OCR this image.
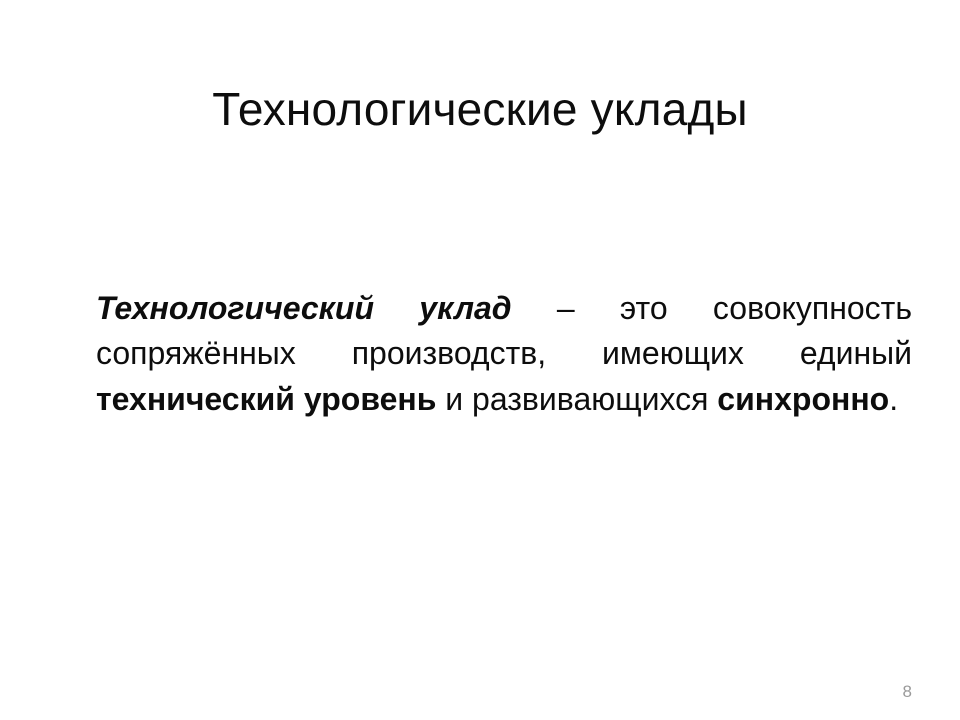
Технологические уклады

Технологический уклад – это совокупность сопряжённых производств, имеющих единый технический уровень и развивающихся синхронно.

8
